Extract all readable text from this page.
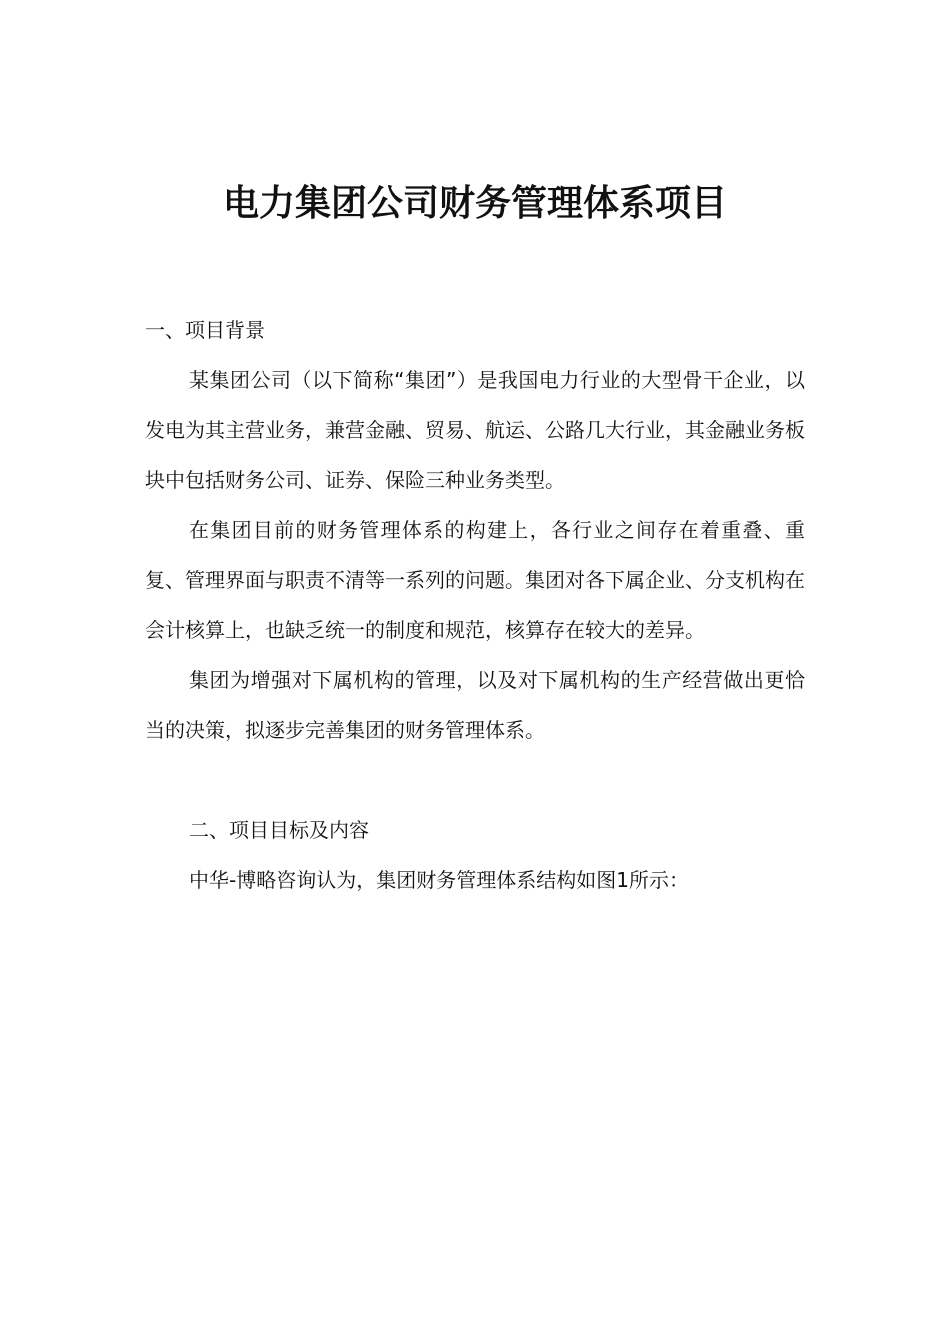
电力集团公司财务管理体系项目

一、项目背景

某集团公司（以下简称“集团”）是我国电力行业的大型骨干企业，以发电为其主营业务，兼营金融、贸易、航运、公路几大行业，其金融业务板块中包括财务公司、证券、保险三种业务类型。

在集团目前的财务管理体系的构建上，各行业之间存在着重叠、重复、管理界面与职责不清等一系列的问题。集团对各下属企业、分支机构在会计核算上，也缺乏统一的制度和规范，核算存在较大的差异。

集团为增强对下属机构的管理，以及对下属机构的生产经营做出更恰当的决策，拟逐步完善集团的财务管理体系。

二、项目目标及内容

中华-博略咨询认为，集团财务管理体系结构如图1所示：
